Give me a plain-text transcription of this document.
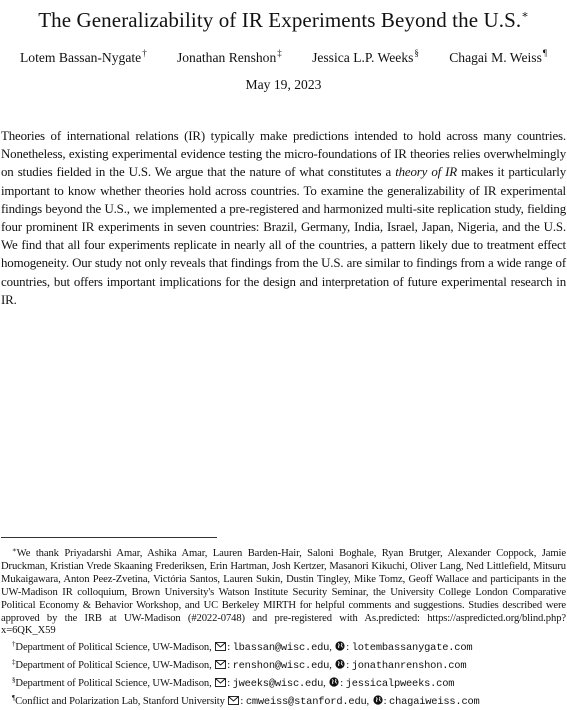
The Generalizability of IR Experiments Beyond the U.S.∗
Lotem Bassan-Nygate† Jonathan Renshon‡ Jessica L.P. Weeks§ Chagai M. Weiss¶
May 19, 2023

Theories of international relations (IR) typically make predictions intended to hold across many countries. Nonetheless, existing experimental evidence testing the micro-foundations of IR theories relies overwhelmingly on studies fielded in the U.S. We argue that the nature of what constitutes a theory of IR makes it particularly important to know whether theories hold across countries. To examine the generalizability of IR experimental findings beyond the U.S., we implemented a pre-registered and harmonized multi-site replication study, fielding four prominent IR experiments in seven countries: Brazil, Germany, India, Israel, Japan, Nigeria, and the U.S. We find that all four experiments replicate in nearly all of the countries, a pattern likely due to treatment effect homogeneity. Our study not only reveals that findings from the U.S. are similar to findings from a wide range of countries, but offers important implications for the design and interpretation of future experimental research in IR.

∗We thank Priyadarshi Amar, Ashika Amar, Lauren Barden-Hair, Saloni Boghale, Ryan Brutger, Alexander Coppock, Jamie Druckman, Kristian Vrede Skaaning Frederiksen, Erin Hartman, Josh Kertzer, Masanori Kikuchi, Oliver Lang, Ned Littlefield, Mitsuru Mukaigawara, Anton Peez-Zvetina, Victória Santos, Lauren Sukin, Dustin Tingley, Mike Tomz, Geoff Wallace and participants in the UW-Madison IR colloquium, Brown University's Watson Institute Security Seminar, the University College London Comparative Political Economy & Behavior Workshop, and UC Berkeley MIRTH for helpful comments and suggestions. Studies described were approved by the IRB at UW-Madison (#2022-0748) and pre-registered with As.predicted: https://aspredicted.org/blind.php?x=6QK_X59

†Department of Political Science, UW-Madison, : lbassan@wisc.edu, : lotembassanygate.com

‡Department of Political Science, UW-Madison, : renshon@wisc.edu, : jonathanrenshon.com

§Department of Political Science, UW-Madison, : jweeks@wisc.edu, : jessicalpweeks.com

¶Conflict and Polarization Lab, Stanford University : cmweiss@stanford.edu, : chagaiweiss.com
